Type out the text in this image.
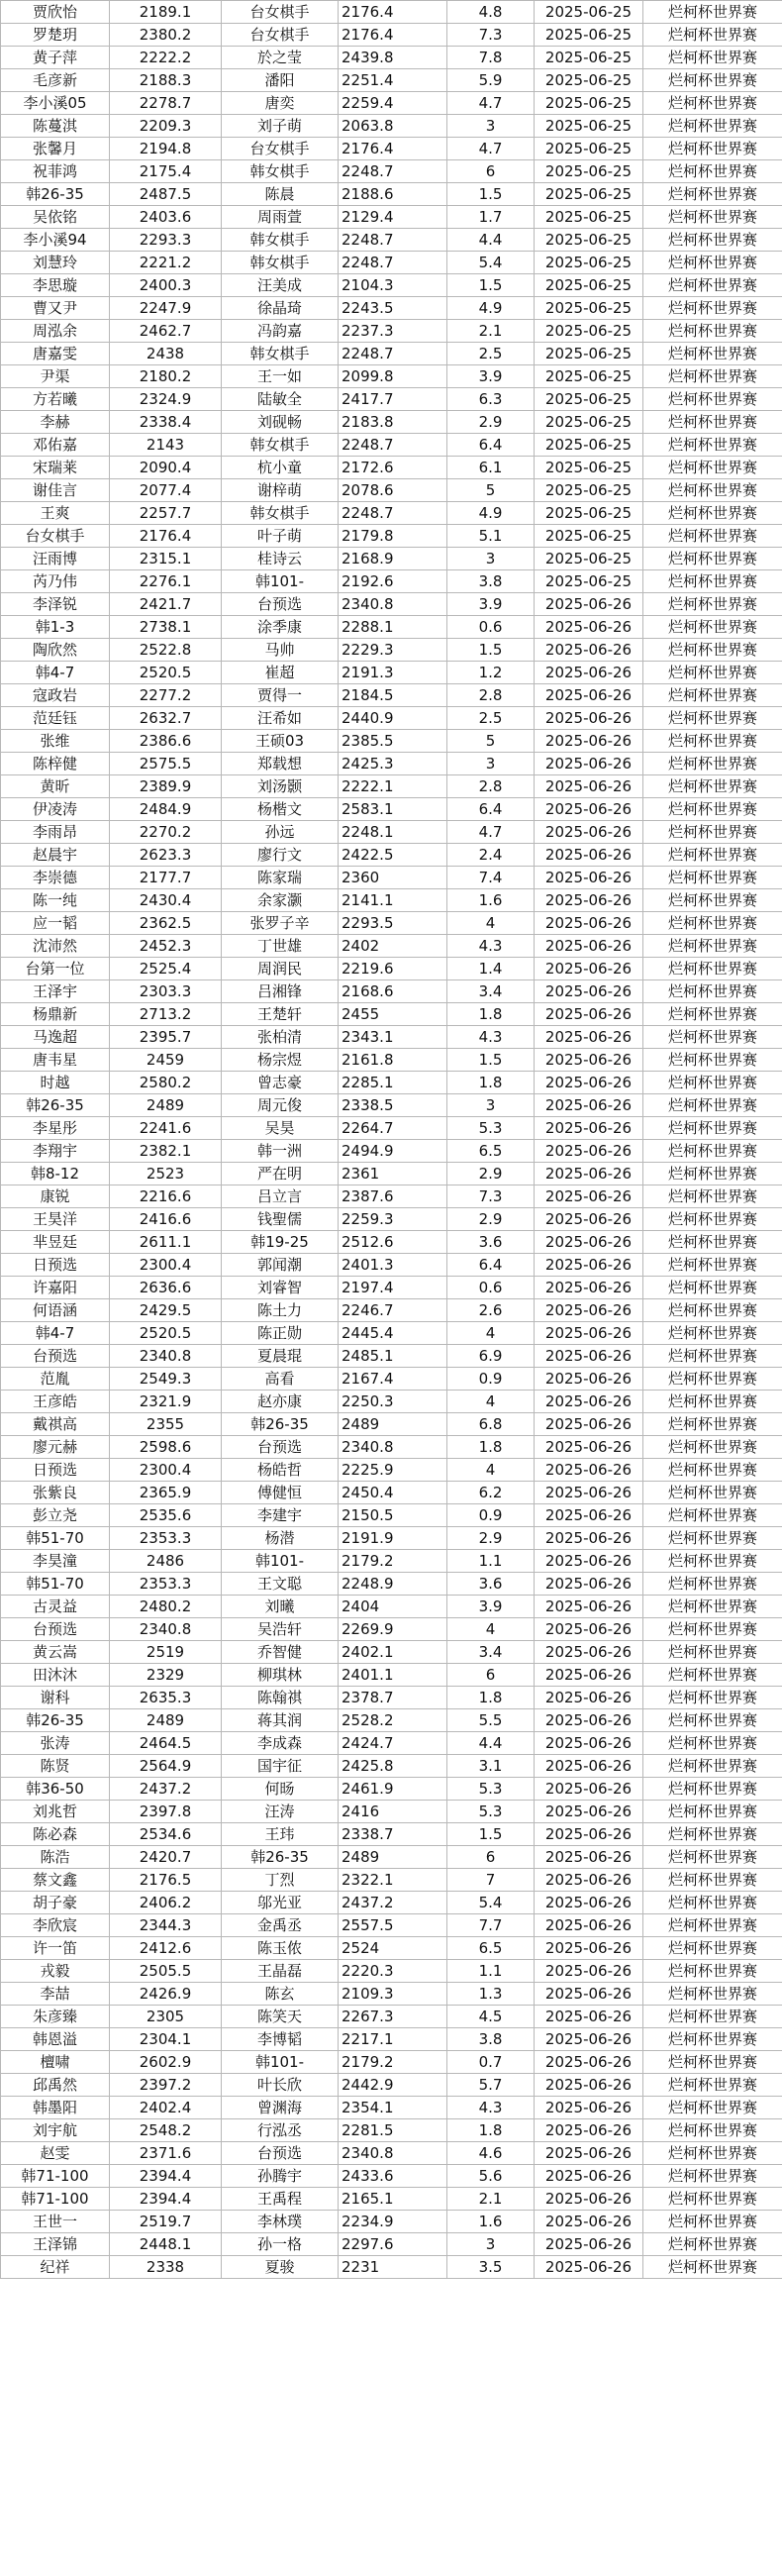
贾欣怡	2189.1	台女棋手	2176.4	4.8	2025-06-25	烂柯杯世界赛
罗楚玥	2380.2	台女棋手	2176.4	7.3	2025-06-25	烂柯杯世界赛
黄子萍	2222.2	於之莹	2439.8	7.8	2025-06-25	烂柯杯世界赛
毛彦新	2188.3	潘阳	2251.4	5.9	2025-06-25	烂柯杯世界赛
李小溪05	2278.7	唐奕	2259.4	4.7	2025-06-25	烂柯杯世界赛
陈蔓淇	2209.3	刘子萌	2063.8	3	2025-06-25	烂柯杯世界赛
张馨月	2194.8	台女棋手	2176.4	4.7	2025-06-25	烂柯杯世界赛
祝菲鸿	2175.4	韩女棋手	2248.7	6	2025-06-25	烂柯杯世界赛
韩26-35	2487.5	陈晨	2188.6	1.5	2025-06-25	烂柯杯世界赛
吴依铭	2403.6	周雨萱	2129.4	1.7	2025-06-25	烂柯杯世界赛
李小溪94	2293.3	韩女棋手	2248.7	4.4	2025-06-25	烂柯杯世界赛
刘慧玲	2221.2	韩女棋手	2248.7	5.4	2025-06-25	烂柯杯世界赛
李思璇	2400.3	汪美成	2104.3	1.5	2025-06-25	烂柯杯世界赛
曹又尹	2247.9	徐晶琦	2243.5	4.9	2025-06-25	烂柯杯世界赛
周泓余	2462.7	冯韵嘉	2237.3	2.1	2025-06-25	烂柯杯世界赛
唐嘉雯	2438	韩女棋手	2248.7	2.5	2025-06-25	烂柯杯世界赛
尹渠	2180.2	王一如	2099.8	3.9	2025-06-25	烂柯杯世界赛
方若曦	2324.9	陆敏全	2417.7	6.3	2025-06-25	烂柯杯世界赛
李赫	2338.4	刘砚畅	2183.8	2.9	2025-06-25	烂柯杯世界赛
邓佑嘉	2143	韩女棋手	2248.7	6.4	2025-06-25	烂柯杯世界赛
宋瑞莱	2090.4	杭小童	2172.6	6.1	2025-06-25	烂柯杯世界赛
谢佳言	2077.4	谢梓萌	2078.6	5	2025-06-25	烂柯杯世界赛
王爽	2257.7	韩女棋手	2248.7	4.9	2025-06-25	烂柯杯世界赛
台女棋手	2176.4	叶子萌	2179.8	5.1	2025-06-25	烂柯杯世界赛
汪雨博	2315.1	桂诗云	2168.9	3	2025-06-25	烂柯杯世界赛
芮乃伟	2276.1	韩101-	2192.6	3.8	2025-06-25	烂柯杯世界赛
李泽锐	2421.7	台预选	2340.8	3.9	2025-06-26	烂柯杯世界赛
韩1-3	2738.1	涂季康	2288.1	0.6	2025-06-26	烂柯杯世界赛
陶欣然	2522.8	马帅	2229.3	1.5	2025-06-26	烂柯杯世界赛
韩4-7	2520.5	崔超	2191.3	1.2	2025-06-26	烂柯杯世界赛
寇政岩	2277.2	贾得一	2184.5	2.8	2025-06-26	烂柯杯世界赛
范廷钰	2632.7	汪希如	2440.9	2.5	2025-06-26	烂柯杯世界赛
张维	2386.6	王硕03	2385.5	5	2025-06-26	烂柯杯世界赛
陈梓健	2575.5	郑载想	2425.3	3	2025-06-26	烂柯杯世界赛
黄昕	2389.9	刘汤颢	2222.1	2.8	2025-06-26	烂柯杯世界赛
伊凌涛	2484.9	杨楷文	2583.1	6.4	2025-06-26	烂柯杯世界赛
李雨昂	2270.2	孙远	2248.1	4.7	2025-06-26	烂柯杯世界赛
赵晨宇	2623.3	廖行文	2422.5	2.4	2025-06-26	烂柯杯世界赛
李崇德	2177.7	陈家瑞	2360	7.4	2025-06-26	烂柯杯世界赛
陈一纯	2430.4	余家灏	2141.1	1.6	2025-06-26	烂柯杯世界赛
应一韬	2362.5	张罗子辛	2293.5	4	2025-06-26	烂柯杯世界赛
沈沛然	2452.3	丁世雄	2402	4.3	2025-06-26	烂柯杯世界赛
台第一位	2525.4	周润民	2219.6	1.4	2025-06-26	烂柯杯世界赛
王泽宇	2303.3	吕湘锋	2168.6	3.4	2025-06-26	烂柯杯世界赛
杨鼎新	2713.2	王楚轩	2455	1.8	2025-06-26	烂柯杯世界赛
马逸超	2395.7	张柏清	2343.1	4.3	2025-06-26	烂柯杯世界赛
唐韦星	2459	杨宗煜	2161.8	1.5	2025-06-26	烂柯杯世界赛
时越	2580.2	曾志豪	2285.1	1.8	2025-06-26	烂柯杯世界赛
韩26-35	2489	周元俊	2338.5	3	2025-06-26	烂柯杯世界赛
李星彤	2241.6	吴昊	2264.7	5.3	2025-06-26	烂柯杯世界赛
李翔宇	2382.1	韩一洲	2494.9	6.5	2025-06-26	烂柯杯世界赛
韩8-12	2523	严在明	2361	2.9	2025-06-26	烂柯杯世界赛
康锐	2216.6	吕立言	2387.6	7.3	2025-06-26	烂柯杯世界赛
王昊洋	2416.6	钱聖儒	2259.3	2.9	2025-06-26	烂柯杯世界赛
芈昱廷	2611.1	韩19-25	2512.6	3.6	2025-06-26	烂柯杯世界赛
日预选	2300.4	郭闻潮	2401.3	6.4	2025-06-26	烂柯杯世界赛
许嘉阳	2636.6	刘睿智	2197.4	0.6	2025-06-26	烂柯杯世界赛
何语涵	2429.5	陈土力	2246.7	2.6	2025-06-26	烂柯杯世界赛
韩4-7	2520.5	陈正勋	2445.4	4	2025-06-26	烂柯杯世界赛
台预选	2340.8	夏晨琨	2485.1	6.9	2025-06-26	烂柯杯世界赛
范胤	2549.3	高看	2167.4	0.9	2025-06-26	烂柯杯世界赛
王彦皓	2321.9	赵亦康	2250.3	4	2025-06-26	烂柯杯世界赛
戴祺高	2355	韩26-35	2489	6.8	2025-06-26	烂柯杯世界赛
廖元赫	2598.6	台预选	2340.8	1.8	2025-06-26	烂柯杯世界赛
日预选	2300.4	杨皓哲	2225.9	4	2025-06-26	烂柯杯世界赛
张紫良	2365.9	傅健恒	2450.4	6.2	2025-06-26	烂柯杯世界赛
彭立尧	2535.6	李建宇	2150.5	0.9	2025-06-26	烂柯杯世界赛
韩51-70	2353.3	杨潜	2191.9	2.9	2025-06-26	烂柯杯世界赛
李昊潼	2486	韩101-	2179.2	1.1	2025-06-26	烂柯杯世界赛
韩51-70	2353.3	王文聪	2248.9	3.6	2025-06-26	烂柯杯世界赛
古灵益	2480.2	刘曦	2404	3.9	2025-06-26	烂柯杯世界赛
台预选	2340.8	吴浩轩	2269.9	4	2025-06-26	烂柯杯世界赛
黄云嵩	2519	乔智健	2402.1	3.4	2025-06-26	烂柯杯世界赛
田沐沐	2329	柳琪林	2401.1	6	2025-06-26	烂柯杯世界赛
谢科	2635.3	陈翰祺	2378.7	1.8	2025-06-26	烂柯杯世界赛
韩26-35	2489	蒋其润	2528.2	5.5	2025-06-26	烂柯杯世界赛
张涛	2464.5	李成森	2424.7	4.4	2025-06-26	烂柯杯世界赛
陈贤	2564.9	国宇征	2425.8	3.1	2025-06-26	烂柯杯世界赛
韩36-50	2437.2	何旸	2461.9	5.3	2025-06-26	烂柯杯世界赛
刘兆哲	2397.8	汪涛	2416	5.3	2025-06-26	烂柯杯世界赛
陈必森	2534.6	王玮	2338.7	1.5	2025-06-26	烂柯杯世界赛
陈浩	2420.7	韩26-35	2489	6	2025-06-26	烂柯杯世界赛
蔡文鑫	2176.5	丁烈	2322.1	7	2025-06-26	烂柯杯世界赛
胡子豪	2406.2	邬光亚	2437.2	5.4	2025-06-26	烂柯杯世界赛
李欣宸	2344.3	金禹丞	2557.5	7.7	2025-06-26	烂柯杯世界赛
许一笛	2412.6	陈玉侬	2524	6.5	2025-06-26	烂柯杯世界赛
戎毅	2505.5	王晶磊	2220.3	1.1	2025-06-26	烂柯杯世界赛
李喆	2426.9	陈玄	2109.3	1.3	2025-06-26	烂柯杯世界赛
朱彦臻	2305	陈笑天	2267.3	4.5	2025-06-26	烂柯杯世界赛
韩恩溢	2304.1	李博韬	2217.1	3.8	2025-06-26	烂柯杯世界赛
檀啸	2602.9	韩101-	2179.2	0.7	2025-06-26	烂柯杯世界赛
邱禹然	2397.2	叶长欣	2442.9	5.7	2025-06-26	烂柯杯世界赛
韩墨阳	2402.4	曾渊海	2354.1	4.3	2025-06-26	烂柯杯世界赛
刘宇航	2548.2	行泓丞	2281.5	1.8	2025-06-26	烂柯杯世界赛
赵雯	2371.6	台预选	2340.8	4.6	2025-06-26	烂柯杯世界赛
韩71-100	2394.4	孙腾宇	2433.6	5.6	2025-06-26	烂柯杯世界赛
韩71-100	2394.4	王禹程	2165.1	2.1	2025-06-26	烂柯杯世界赛
王世一	2519.7	李林璞	2234.9	1.6	2025-06-26	烂柯杯世界赛
王泽锦	2448.1	孙一格	2297.6	3	2025-06-26	烂柯杯世界赛
纪祥	2338	夏骏	2231	3.5	2025-06-26	烂柯杯世界赛
